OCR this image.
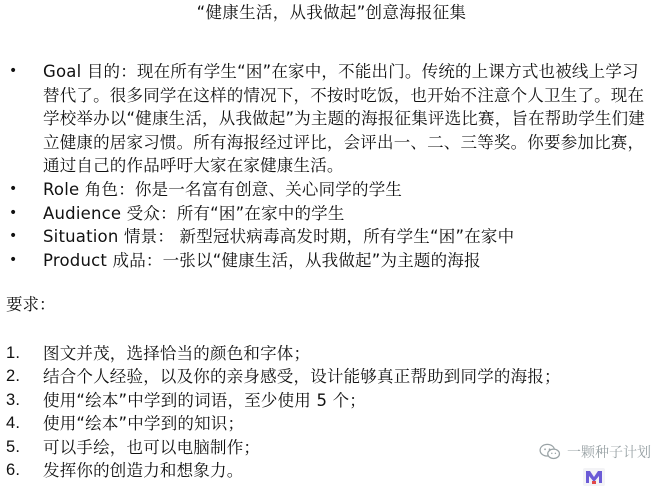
“健康生活，从我做起”创意海报征集
• Goal 目的：现在所有学生“困”在家中，不能出门。传统的上课方式也被线上学习替代了。很多同学在这样的情况下，不按时吃饭，也开始不注意个人卫生了。现在学校举办以“健康生活，从我做起”为主题的海报征集评选比赛，旨在帮助学生们建立健康的居家习惯。所有海报经过评比，会评出一、二、三等奖。你要参加比赛，通过自己的作品呼吁大家在家健康生活。
• Role 角色：你是一名富有创意、关心同学的学生
• Audience 受众：所有“困”在家中的学生
• Situation 情景： 新型冠状病毒高发时期，所有学生“困”在家中
• Product 成品：一张以“健康生活，从我做起”为主题的海报
要求：
1. 图文并茂，选择恰当的颜色和字体；
2. 结合个人经验，以及你的亲身感受，设计能够真正帮助到同学的海报；
3. 使用“绘本”中学到的词语，至少使用 5 个；
4. 使用“绘本”中学到的知识；
5. 可以手绘，也可以电脑制作；
6. 发挥你的创造力和想象力。
一颗种子计划
